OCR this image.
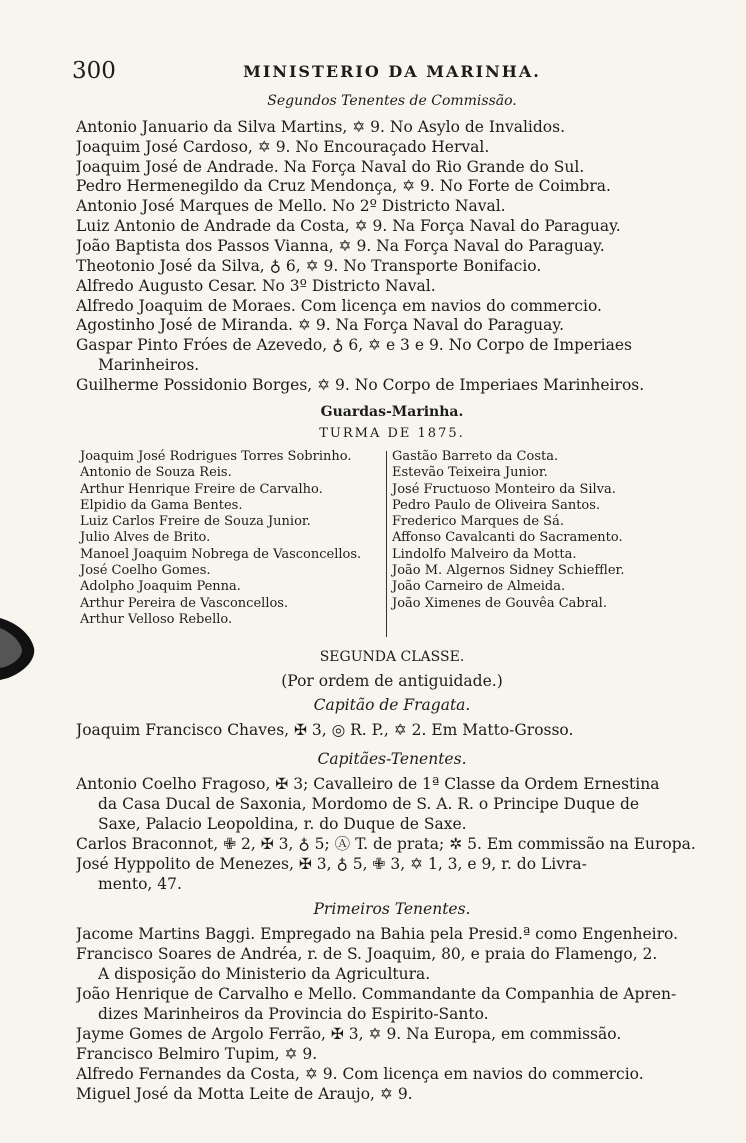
300	MINISTERIO DA MARINHA.
Segundos Tenentes de Commissão.
Antonio Januario da Silva Martins, ✡ 9. No Asylo de Invalidos.
Joaquim José Cardoso, ✡ 9. No Encouraçado Herval.
Joaquim José de Andrade. Na Força Naval do Rio Grande do Sul.
Pedro Hermenegildo da Cruz Mendonça, ✡ 9. No Forte de Coimbra.
Antonio José Marques de Mello. No 2º Districto Naval.
Luiz Antonio de Andrade da Costa, ✡ 9. Na Força Naval do Paraguay.
João Baptista dos Passos Vianna, ✡ 9. Na Força Naval do Paraguay.
Theotonio José da Silva, ♁ 6, ✡ 9. No Transporte Bonifacio.
Alfredo Augusto Cesar. No 3º Districto Naval.
Alfredo Joaquim de Moraes. Com licença em navios do commercio.
Agostinho José de Miranda. ✡ 9. Na Força Naval do Paraguay.
Gaspar Pinto Fróes de Azevedo, ♁ 6, ✡ e 3 e 9. No Corpo de Imperiaes
Marinheiros.
Guilherme Possidonio Borges, ✡ 9. No Corpo de Imperiaes Marinheiros.
Guardas-Marinha.
TURMA DE 1875.
Joaquim José Rodrigues Torres Sobrinho.
Antonio de Souza Reis.
Arthur Henrique Freire de Carvalho.
Elpidio da Gama Bentes.
Luiz Carlos Freire de Souza Junior.
Julio Alves de Brito.
Manoel Joaquim Nobrega de Vasconcellos.
José Coelho Gomes.
Adolpho Joaquim Penna.
Arthur Pereira de Vasconcellos.
Arthur Velloso Rebello.
Gastão Barreto da Costa.
Estevão Teixeira Junior.
José Fructuoso Monteiro da Silva.
Pedro Paulo de Oliveira Santos.
Frederico Marques de Sá.
Affonso Cavalcanti do Sacramento.
Lindolfo Malveiro da Motta.
João M. Algernos Sidney Schieffler.
João Carneiro de Almeida.
João Ximenes de Gouvêa Cabral.
SEGUNDA CLASSE.
(Por ordem de antiguidade.)
Capitão de Fragata.
Joaquim Francisco Chaves, ✠ 3, ◎ R. P., ✡ 2. Em Matto-Grosso.
Capitães-Tenentes.
Antonio Coelho Fragoso, ✠ 3; Cavalleiro de 1ª Classe da Ordem Ernestina
da Casa Ducal de Saxonia, Mordomo de S. A. R. o Principe Duque de
Saxe, Palacio Leopoldina, r. do Duque de Saxe.
Carlos Braconnot, ✙ 2, ✠ 3, ♁ 5; Ⓐ T. de prata; ✲ 5. Em commissão na Europa.
José Hyppolito de Menezes, ✠ 3, ♁ 5, ✙ 3, ✡ 1, 3, e 9, r. do Livra-
mento, 47.
Primeiros Tenentes.
Jacome Martins Baggi. Empregado na Bahia pela Presid.ª como Engenheiro.
Francisco Soares de Andréa, r. de S. Joaquim, 80, e praia do Flamengo, 2.
A disposição do Ministerio da Agricultura.
João Henrique de Carvalho e Mello. Commandante da Companhia de Apren-
dizes Marinheiros da Provincia do Espirito-Santo.
Jayme Gomes de Argolo Ferrão, ✠ 3, ✡ 9. Na Europa, em commissão.
Francisco Belmiro Tupim, ✡ 9.
Alfredo Fernandes da Costa, ✡ 9. Com licença em navios do commercio.
Miguel José da Motta Leite de Araujo, ✡ 9.
